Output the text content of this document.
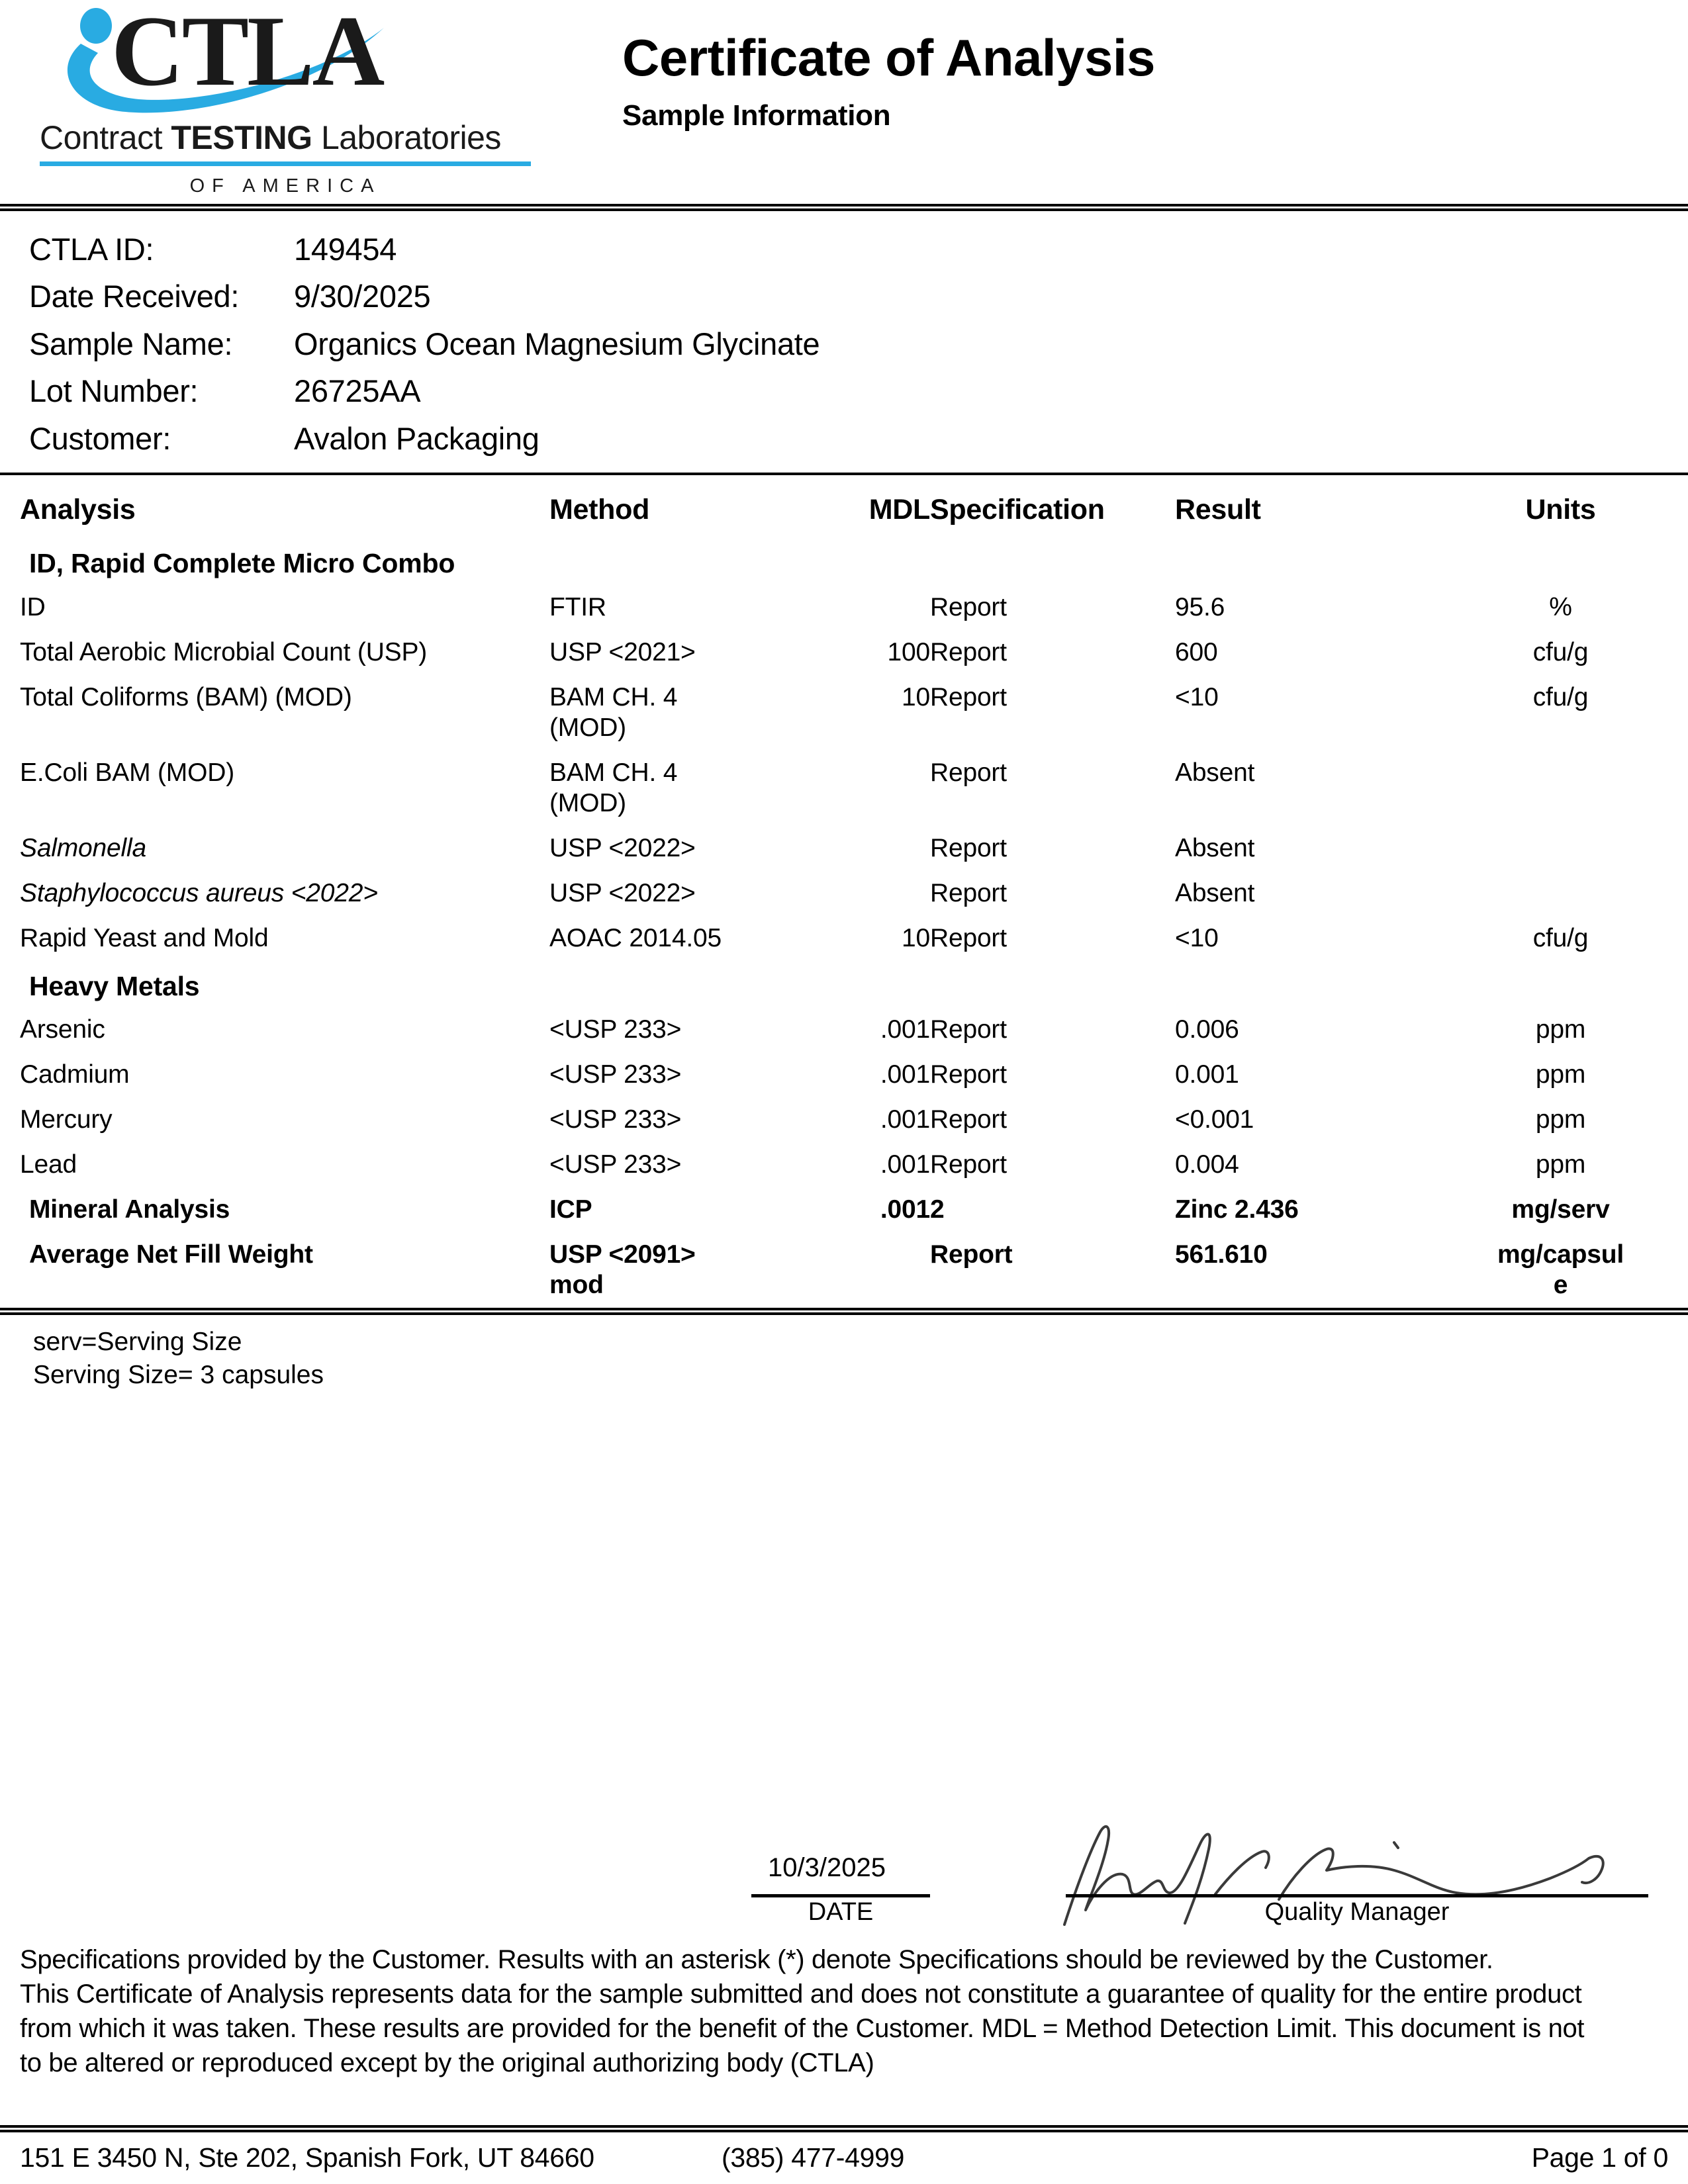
CTLA
Contract TESTING Laboratories
OF AMERICA
Certificate of Analysis
Sample Information
CTLA ID:	149454
Date Received:	9/30/2025
Sample Name:	Organics Ocean Magnesium Glycinate
Lot Number:	26725AA
Customer:	Avalon Packaging
Analysis	Method	MDL	Specification	Result	Units
ID, Rapid Complete Micro Combo					
ID	FTIR		Report	95.6	%
Total Aerobic Microbial Count (USP)	USP <2021>	100	Report	600	cfu/g
Total Coliforms (BAM) (MOD)	BAM CH. 4
(MOD)	10	Report	<10	cfu/g
E.Coli BAM (MOD)	BAM CH. 4
(MOD)		Report	Absent	
Salmonella	USP <2022>		Report	Absent	
Staphylococcus aureus <2022>	USP <2022>		Report	Absent	
Rapid Yeast and Mold	AOAC 2014.05	10	Report	<10	cfu/g
Heavy Metals					
Arsenic	<USP 233>	.001	Report	0.006	ppm
Cadmium	<USP 233>	.001	Report	0.001	ppm
Mercury	<USP 233>	.001	Report	<0.001	ppm
Lead	<USP 233>	.001	Report	0.004	ppm
Mineral Analysis	ICP	.001	2	Zinc 2.436	mg/serv
Average Net Fill Weight	USP <2091>
mod		Report	561.610	mg/capsul
e
serv=Serving Size
Serving Size= 3 capsules
10/3/2025
DATE	Quality Manager
Specifications provided by the Customer. Results with an asterisk (*) denote Specifications should be reviewed by the Customer.
This Certificate of Analysis represents data for the sample submitted and does not constitute a guarantee of quality for the entire product
from which it was taken. These results are provided for the benefit of the Customer. MDL = Method Detection Limit. This document is not
to be altered or reproduced except by the original authorizing body (CTLA)
151 E 3450 N, Ste 202, Spanish Fork, UT 84660	(385) 477-4999	Page 1 of 0
